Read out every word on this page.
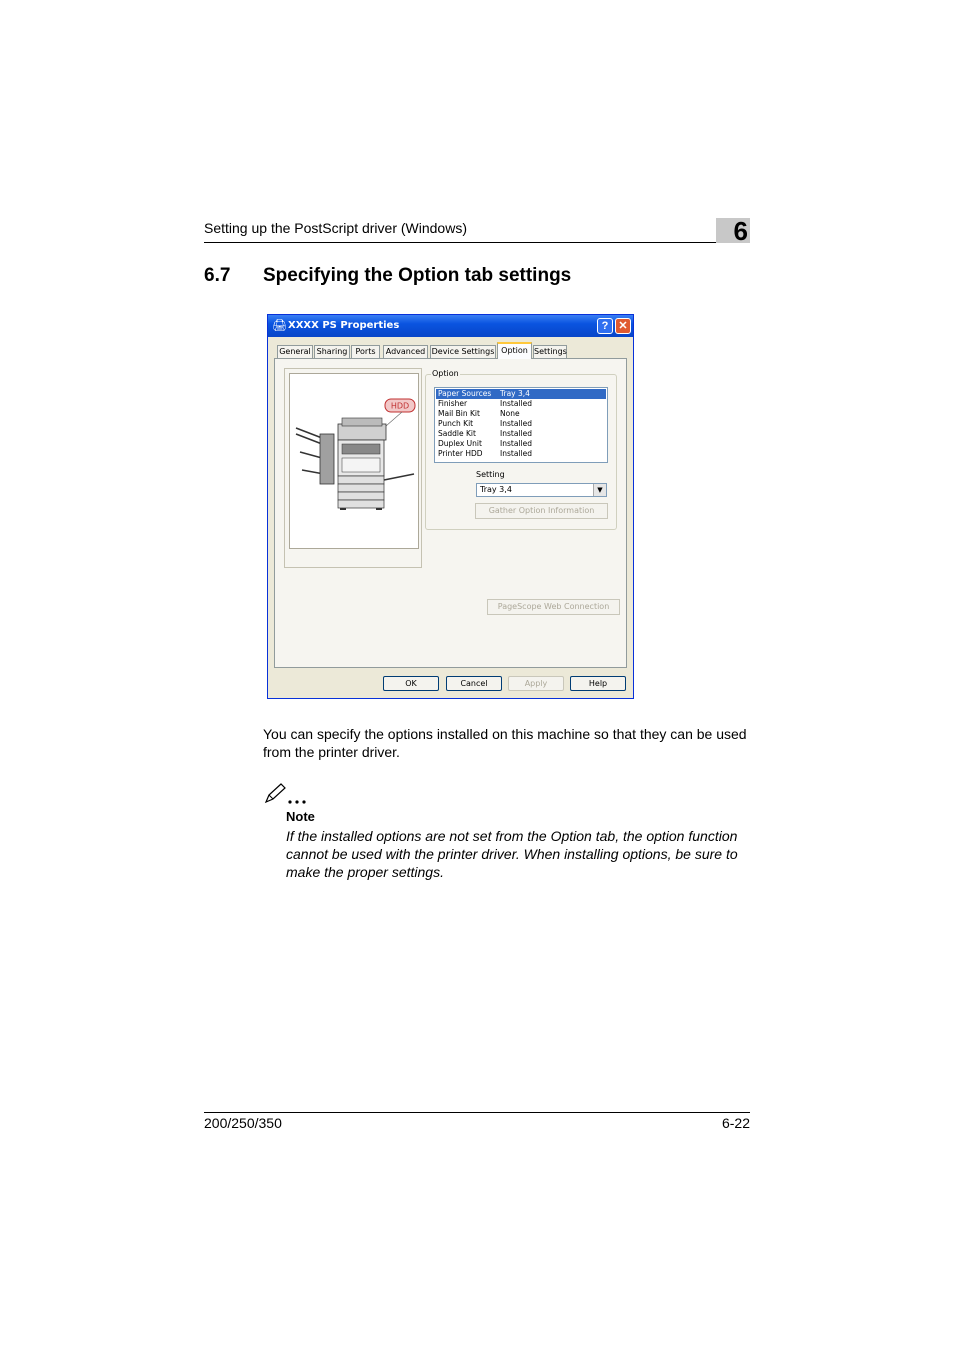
Setting up the PostScript driver (Windows)	6
6.7 Specifying the Option tab settings
🖨 XXXX PS Properties	? ✕
General Sharing	Ports	Advanced Device Settings Option Settings
HDD
Option
Paper Sources Tray 3,4
Finisher	Installed
Mail Bin Kit	None
Punch Kit	Installed
Saddle Kit	Installed
Duplex Unit Installed
Printer HDD Installed
Setting
Tray 3,4	▼
Gather Option Information
PageScope Web Connection
OK	Cancel	Apply	Help
You can specify the options installed on this machine so that they can be used from the printer driver.
Note
If the installed options are not set from the Option tab, the option function cannot be used with the printer driver. When installing options, be sure to make the proper settings.
200/250/350	6-22
